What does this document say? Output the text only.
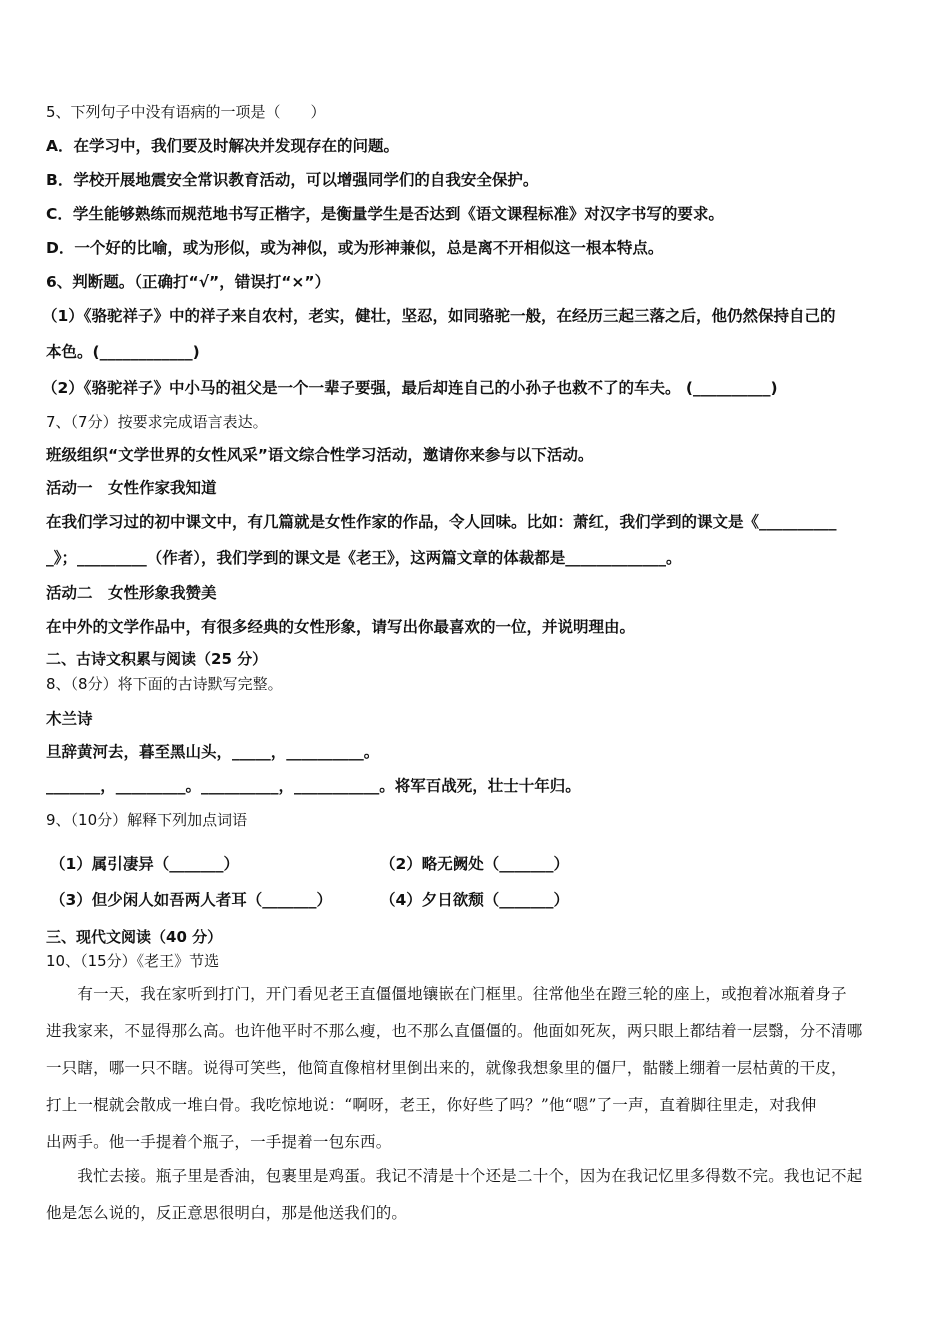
5、下列句子中没有语病的一项是（　　）
A．在学习中，我们要及时解决并发现存在的问题。
B．学校开展地震安全常识教育活动，可以增强同学们的自我安全保护。
C．学生能够熟练而规范地书写正楷字，是衡量学生是否达到《语文课程标准》对汉字书写的要求。
D．一个好的比喻，或为形似，或为神似，或为形神兼似，总是离不开相似这一根本特点。
6、判断题。（正确打“√”，错误打“×”）
（1）《骆驼祥子》中的祥子来自农村，老实，健壮，坚忍，如同骆驼一般，在经历三起三落之后，他仍然保持自己的
本色。(____________)
（2）《骆驼祥子》中小马的祖父是一个一辈子要强，最后却连自己的小孙子也救不了的车夫。 (__________)
7、（7分）按要求完成语言表达。
班级组织“文学世界的女性风采”语文综合性学习活动，邀请你来参与以下活动。
活动一　女性作家我知道
在我们学习过的初中课文中，有几篇就是女性作家的作品，令人回味。比如：萧红，我们学到的课文是《__________
_》；_________（作者），我们学到的课文是《老王》，这两篇文章的体裁都是_____________。
活动二　女性形象我赞美
在中外的文学作品中，有很多经典的女性形象，请写出你最喜欢的一位，并说明理由。
二、古诗文积累与阅读（25 分）
8、（8分）将下面的古诗默写完整。
木兰诗
旦辞黄河去，暮至黑山头，_____，__________。
_______，_________。__________，___________。将军百战死，壮士十年归。
9、（10分）解释下列加点词语
（1）属引凄异（_______）	（2）略无阙处（_______）
（3）但少闲人如吾两人者耳（_______）	（4）夕日欲颓（_______）
三、现代文阅读（40 分）
10、（15分）《老王》节选
　　有一天，我在家听到打门，开门看见老王直僵僵地镶嵌在门框里。往常他坐在蹬三轮的座上，或抱着冰瓶着身子
进我家来，不显得那么高。也许他平时不那么瘦，也不那么直僵僵的。他面如死灰，两只眼上都结着一层翳，分不清哪
一只瞎，哪一只不瞎。说得可笑些，他简直像棺材里倒出来的，就像我想象里的僵尸，骷髅上绷着一层枯黄的干皮，
打上一棍就会散成一堆白骨。我吃惊地说：“啊呀，老王，你好些了吗？”他“嗯”了一声，直着脚往里走，对我伸
出两手。他一手提着个瓶子，一手提着一包东西。
　　我忙去接。瓶子里是香油，包裹里是鸡蛋。我记不清是十个还是二十个，因为在我记忆里多得数不完。我也记不起
他是怎么说的，反正意思很明白，那是他送我们的。
